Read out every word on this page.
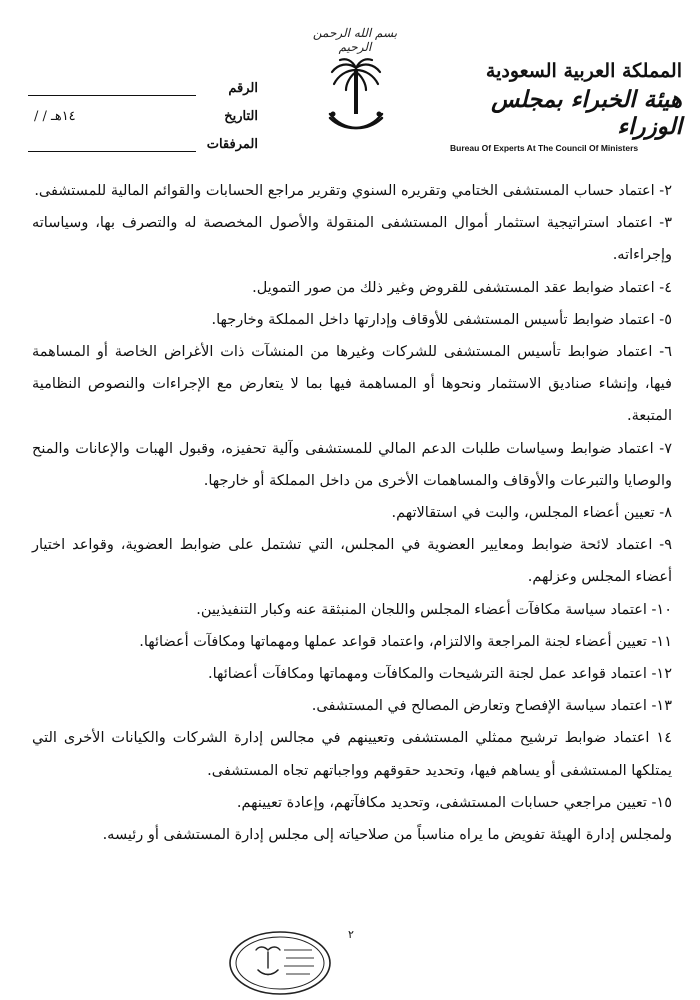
بسم الله الرحمن الرحيم
المملكة العربية السعودية
هيئة الخبراء بمجلس الوزراء
Bureau Of Experts At The Council Of Ministers
الرقم
التاريخ
/ / ١٤هـ
المرفقات

٢- اعتماد حساب المستشفى الختامي وتقريره السنوي وتقرير مراجع الحسابات والقوائم المالية للمستشفى.

٣- اعتماد استراتيجية استثمار أموال المستشفى المنقولة والأصول المخصصة له والتصرف بها، وسياساته وإجراءاته.

٤- اعتماد ضوابط عقد المستشفى للقروض وغير ذلك من صور التمويل.

٥- اعتماد ضوابط تأسيس المستشفى للأوقاف وإدارتها داخل المملكة وخارجها.

٦- اعتماد ضوابط تأسيس المستشفى للشركات وغيرها من المنشآت ذات الأغراض الخاصة أو المساهمة فيها، وإنشاء صناديق الاستثمار ونحوها أو المساهمة فيها بما لا يتعارض مع الإجراءات والنصوص النظامية المتبعة.

٧- اعتماد ضوابط وسياسات طلبات الدعم المالي للمستشفى وآلية تحفيزه، وقبول الهبات والإعانات والمنح والوصايا والتبرعات والأوقاف والمساهمات الأخرى من داخل المملكة أو خارجها.

٨- تعيين أعضاء المجلس، والبت في استقالاتهم.

٩- اعتماد لائحة ضوابط ومعايير العضوية في المجلس، التي تشتمل على ضوابط العضوية، وقواعد اختيار أعضاء المجلس وعزلهم.

١٠- اعتماد سياسة مكافآت أعضاء المجلس واللجان المنبثقة عنه وكبار التنفيذيين.

١١- تعيين أعضاء لجنة المراجعة والالتزام، واعتماد قواعد عملها ومهماتها ومكافآت أعضائها.

١٢- اعتماد قواعد عمل لجنة الترشيحات والمكافآت ومهماتها ومكافآت أعضائها.

١٣- اعتماد سياسة الإفصاح وتعارض المصالح في المستشفى.

١٤ اعتماد ضوابط ترشيح ممثلي المستشفى وتعيينهم في مجالس إدارة الشركات والكيانات الأخرى التي يمتلكها المستشفى أو يساهم فيها، وتحديد حقوقهم وواجباتهم تجاه المستشفى.

١٥- تعيين مراجعي حسابات المستشفى، وتحديد مكافآتهم، وإعادة تعيينهم.

ولمجلس إدارة الهيئة تفويض ما يراه مناسباً من صلاحياته إلى مجلس إدارة المستشفى أو رئيسه.

٢
